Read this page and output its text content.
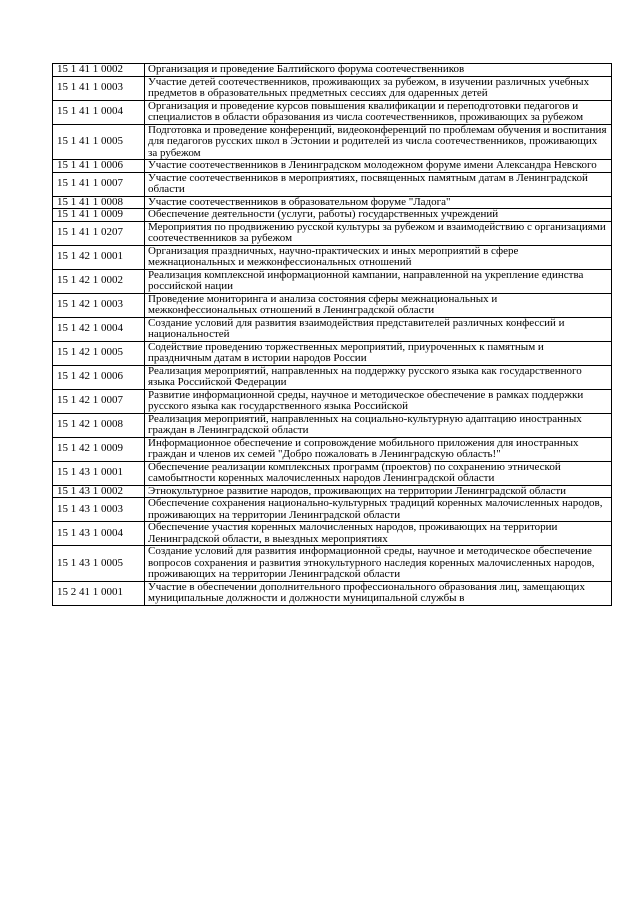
15 1 41 1 0002	Организация и проведение Балтийского форума соотечественников
15 1 41 1 0003	Участие детей соотечественников, проживающих за рубежом, в изучении различных учебных предметов в образовательных предметных сессиях для одаренных детей
15 1 41 1 0004	Организация и проведение курсов повышения квалификации и переподготовки педагогов и специалистов в области образования из числа соотечественников, проживающих за рубежом
15 1 41 1 0005	Подготовка и проведение конференций, видеоконференций по проблемам обучения и воспитания для педагогов русских школ в Эстонии и родителей из числа соотечественников, проживающих за рубежом
15 1 41 1 0006	Участие соотечественников в Ленинградском молодежном форуме имени Александра Невского
15 1 41 1 0007	Участие соотечественников в мероприятиях, посвященных памятным датам в Ленинградской области
15 1 41 1 0008	Участие соотечественников в образовательном форуме "Ладога"
15 1 41 1 0009	Обеспечение деятельности (услуги, работы) государственных учреждений
15 1 41 1 0207	Мероприятия по продвижению русской культуры за рубежом и взаимодействию с организациями соотечественников за рубежом
15 1 42 1 0001	Организация праздничных, научно-практических и иных мероприятий в сфере межнациональных и межконфессиональных отношений
15 1 42 1 0002	Реализация комплексной информационной кампании, направленной на укрепление единства российской нации
15 1 42 1 0003	Проведение мониторинга и анализа состояния сферы межнациональных и межконфессиональных отношений в Ленинградской области
15 1 42 1 0004	Создание условий для развития взаимодействия представителей различных конфессий и национальностей
15 1 42 1 0005	Содействие проведению торжественных мероприятий, приуроченных к памятным и праздничным датам в истории народов России
15 1 42 1 0006	Реализация мероприятий, направленных на поддержку русского языка как государственного языка Российской Федерации
15 1 42 1 0007	Развитие информационной среды, научное и методическое обеспечение в рамках поддержки русского языка как государственного языка Российской
15 1 42 1 0008	Реализация мероприятий, направленных на социально-культурную адаптацию иностранных граждан в Ленинградской области
15 1 42 1 0009	Информационное обеспечение и сопровождение мобильного приложения для иностранных граждан и членов их семей "Добро пожаловать в Ленинградскую область!"
15 1 43 1 0001	Обеспечение реализации комплексных программ (проектов) по сохранению этнической самобытности коренных малочисленных народов Ленинградской области
15 1 43 1 0002	Этнокультурное развитие народов, проживающих на территории Ленинградской области
15 1 43 1 0003	Обеспечение сохранения национально-культурных традиций коренных малочисленных народов, проживающих на территории Ленинградской области
15 1 43 1 0004	Обеспечение участия коренных малочисленных народов, проживающих на территории Ленинградской области, в выездных мероприятиях
15 1 43 1 0005	Создание условий для развития информационной среды, научное и методическое обеспечение вопросов сохранения и развития этнокультурного наследия коренных малочисленных народов, проживающих на территории Ленинградской области
15 2 41 1 0001	Участие в обеспечении дополнительного профессионального образования лиц, замещающих муниципальные должности и должности муниципальной службы в
